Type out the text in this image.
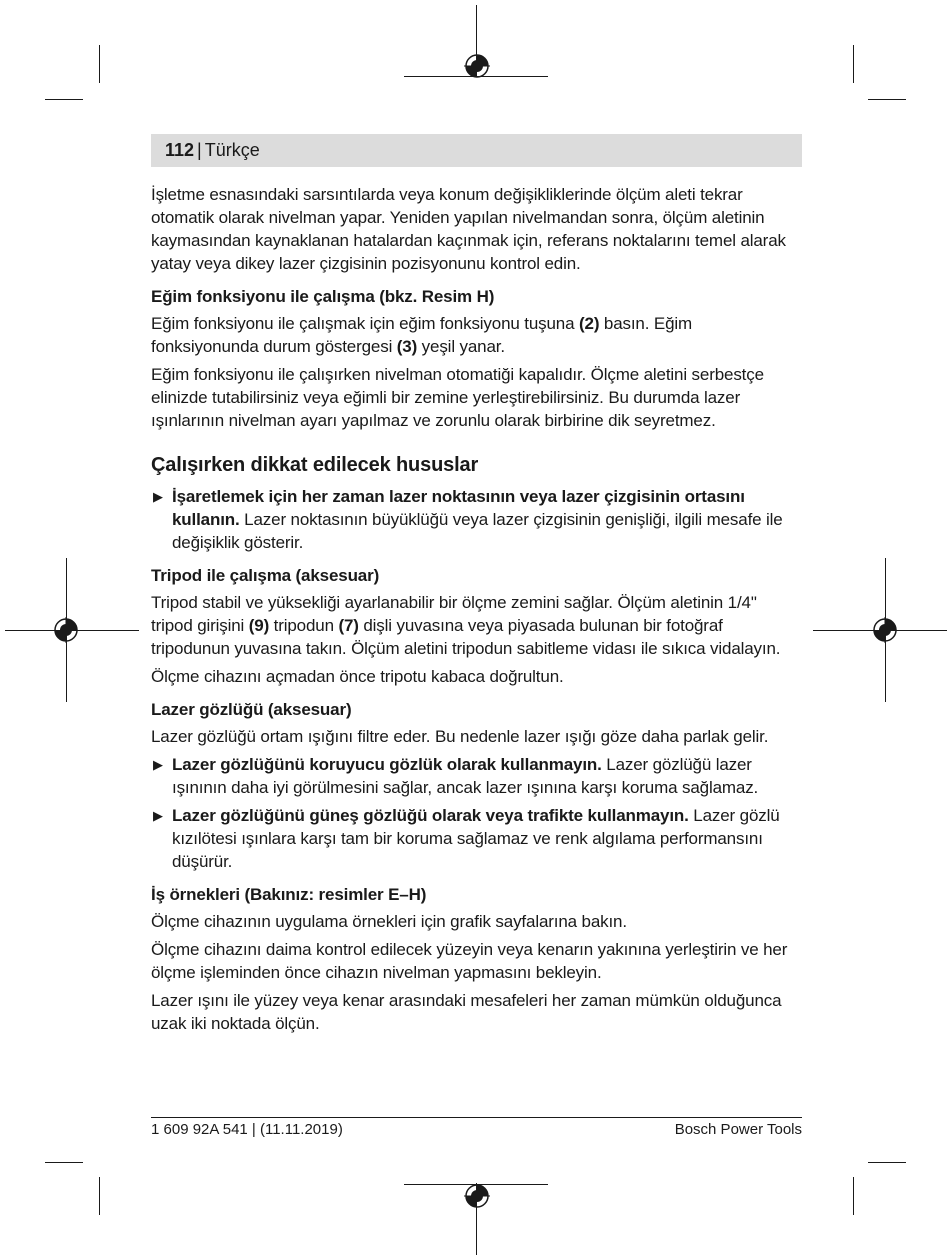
112 | Türkçe

İşletme esnasındaki sarsıntılarda veya konum değişikliklerinde ölçüm aleti tekrar otomatik olarak nivelman yapar. Yeniden yapılan nivelmandan sonra, ölçüm aletinin kaymasından kaynaklanan hatalardan kaçınmak için, referans noktalarını temel alarak yatay veya dikey lazer çizgisinin pozisyonunu kontrol edin.

Eğim fonksiyonu ile çalışma (bkz. Resim H)

Eğim fonksiyonu ile çalışmak için eğim fonksiyonu tuşuna (2) basın. Eğim fonksiyonunda durum göstergesi (3) yeşil yanar.

Eğim fonksiyonu ile çalışırken nivelman otomatiği kapalıdır. Ölçme aletini serbestçe elinizde tutabilirsiniz veya eğimli bir zemine yerleştirebilirsiniz. Bu durumda lazer ışınlarının nivelman ayarı yapılmaz ve zorunlu olarak birbirine dik seyretmez.

Çalışırken dikkat edilecek hususlar
▶ İşaretlemek için her zaman lazer noktasının veya lazer çizgisinin ortasını kullanın. Lazer noktasının büyüklüğü veya lazer çizgisinin genişliği, ilgili mesafe ile değişiklik gösterir.
Tripod ile çalışma (aksesuar)

Tripod stabil ve yüksekliği ayarlanabilir bir ölçme zemini sağlar. Ölçüm aletinin 1/4" tripod girişini (9) tripodun (7) dişli yuvasına veya piyasada bulunan bir fotoğraf tripodunun yuvasına takın. Ölçüm aletini tripodun sabitleme vidası ile sıkıca vidalayın.

Ölçme cihazını açmadan önce tripotu kabaca doğrultun.

Lazer gözlüğü (aksesuar)

Lazer gözlüğü ortam ışığını filtre eder. Bu nedenle lazer ışığı göze daha parlak gelir.

▶ Lazer gözlüğünü koruyucu gözlük olarak kullanmayın. Lazer gözlüğü lazer ışınının daha iyi görülmesini sağlar, ancak lazer ışınına karşı koruma sağlamaz.
▶ Lazer gözlüğünü güneş gözlüğü olarak veya trafikte kullanmayın. Lazer gözlü kızılötesi ışınlara karşı tam bir koruma sağlamaz ve renk algılama performansını düşürür.
İş örnekleri (Bakınız: resimler E–H)

Ölçme cihazının uygulama örnekleri için grafik sayfalarına bakın.

Ölçme cihazını daima kontrol edilecek yüzeyin veya kenarın yakınına yerleştirin ve her ölçme işleminden önce cihazın nivelman yapmasını bekleyin.

Lazer ışını ile yüzey veya kenar arasındaki mesafeleri her zaman mümkün olduğunca uzak iki noktada ölçün.

1 609 92A 541 | (11.11.2019)	Bosch Power Tools
